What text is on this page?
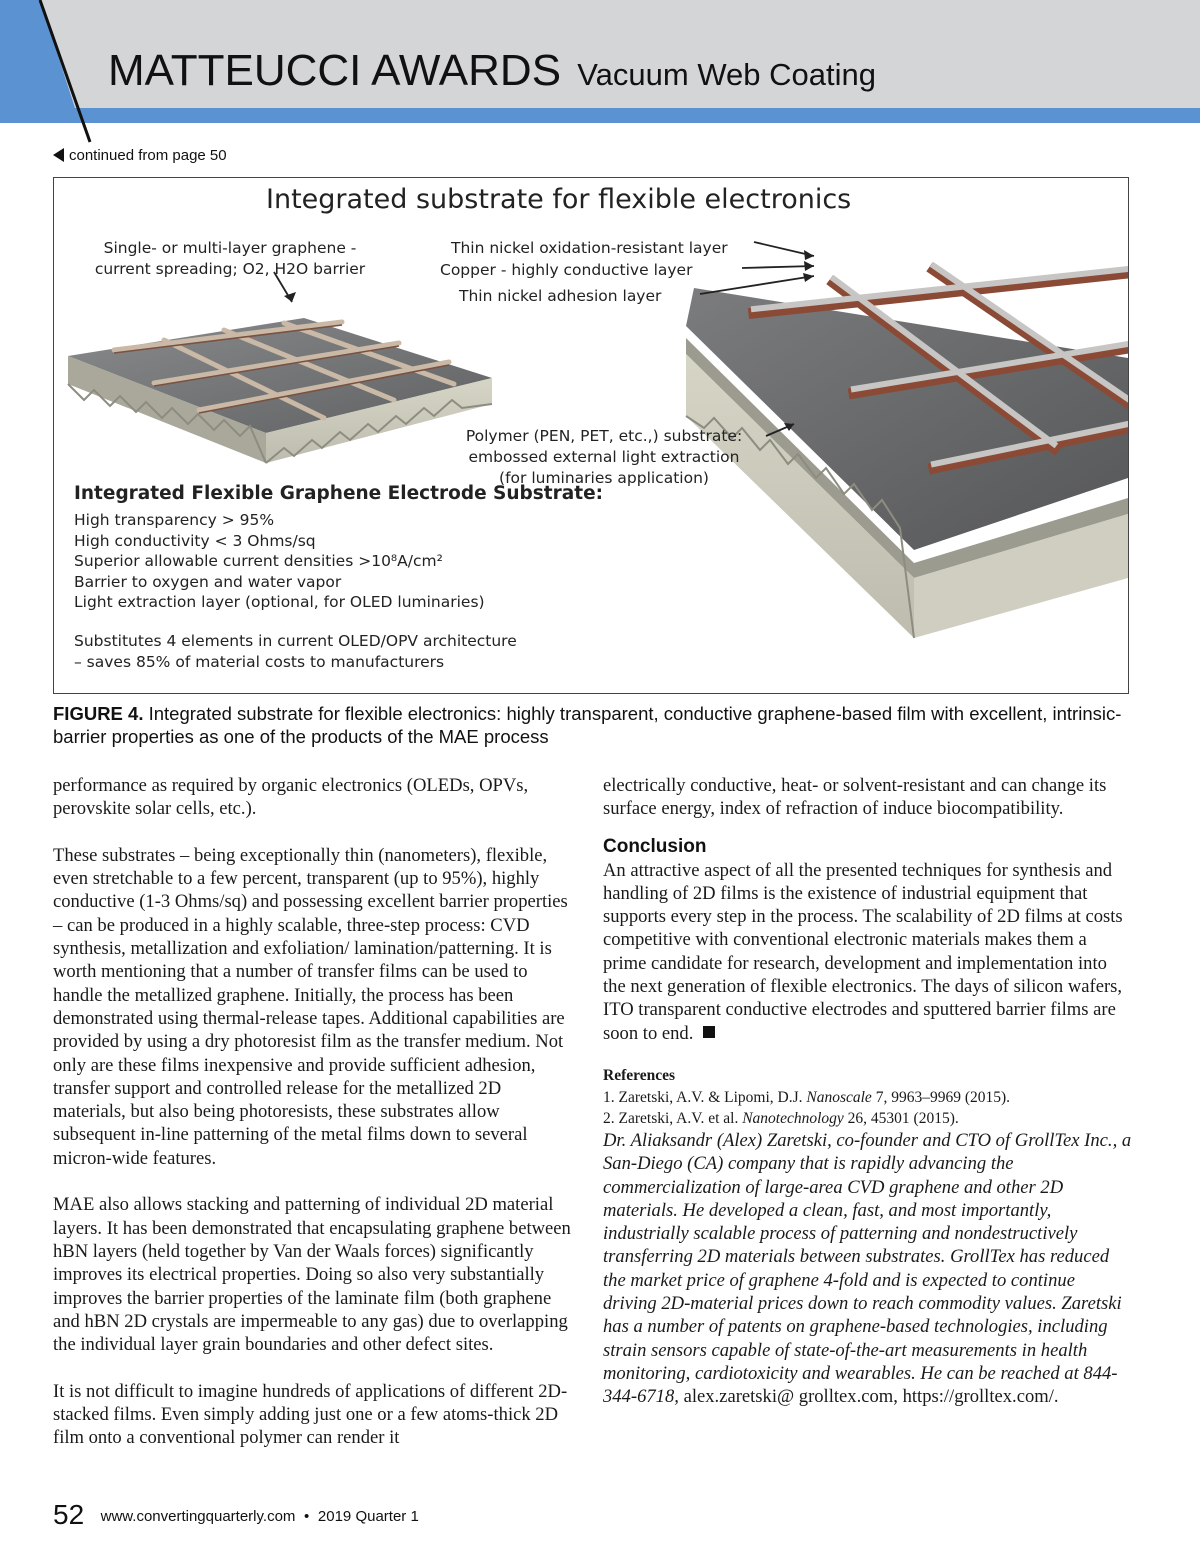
MATTEUCCI AWARDS Vacuum Web Coating
continued from page 50
Integrated substrate for flexible electronics
Single- or multi-layer graphene -
current spreading; O2, H2O barrier
Thin nickel oxidation-resistant layer
Copper - highly conductive layer
Thin nickel adhesion layer
Polymer (PEN, PET, etc.,) substrate:
embossed external light extraction
(for luminaries application)
Integrated Flexible Graphene Electrode Substrate:
High transparency > 95%
High conductivity < 3 Ohms/sq
Superior allowable current densities >10⁸A/cm²
Barrier to oxygen and water vapor
Light extraction layer (optional, for OLED luminaries)
Substitutes 4 elements in current OLED/OPV architecture
– saves 85% of material costs to manufacturers
FIGURE 4. Integrated substrate for flexible electronics: highly transparent, conductive graphene-based film with excellent, intrinsic-barrier properties as one of the products of the MAE process

performance as required by organic electronics (OLEDs, OPVs, perovskite solar cells, etc.).

These substrates – being exceptionally thin (nanometers), flexible, even stretchable to a few percent, transparent (up to 95%), highly conductive (1-3 Ohms/sq) and possessing excellent barrier properties – can be produced in a highly scalable, three-step process: CVD synthesis, metallization and exfoliation/ lamination/patterning. It is worth mentioning that a number of transfer films can be used to handle the metallized graphene. Initially, the process has been demonstrated using thermal-release tapes. Additional capabilities are provided by using a dry photoresist film as the transfer medium. Not only are these films inexpensive and provide sufficient adhesion, transfer support and controlled release for the metallized 2D materials, but also being photoresists, these substrates allow subsequent in-line patterning of the metal films down to several micron-wide features.

MAE also allows stacking and patterning of individual 2D material layers. It has been demonstrated that encapsulating graphene between hBN layers (held together by Van der Waals forces) significantly improves its electrical properties. Doing so also very substantially improves the barrier properties of the laminate film (both graphene and hBN 2D crystals are impermeable to any gas) due to overlapping the individual layer grain boundaries and other defect sites.

It is not difficult to imagine hundreds of applications of different 2D-stacked films. Even simply adding just one or a few atoms-thick 2D film onto a conventional polymer can render it

electrically conductive, heat- or solvent-resistant and can change its surface energy, index of refraction of induce biocompatibility.

Conclusion

An attractive aspect of all the presented techniques for synthesis and handling of 2D films is the existence of industrial equipment that supports every step in the process. The scalability of 2D films at costs competitive with conventional electronic materials makes them a prime candidate for research, development and implementation into the next generation of flexible electronics. The days of silicon wafers, ITO transparent conductive electrodes and sputtered barrier films are soon to end.

References

1. Zaretski, A.V. & Lipomi, D.J. Nanoscale 7, 9963–9969 (2015).

2. Zaretski, A.V. et al. Nanotechnology 26, 45301 (2015).

Dr. Aliaksandr (Alex) Zaretski, co-founder and CTO of GrollTex Inc., a San-Diego (CA) company that is rapidly advancing the commercialization of large-area CVD graphene and other 2D materials. He developed a clean, fast, and most importantly, industrially scalable process of patterning and nondestructively transferring 2D materials between substrates. GrollTex has reduced the market price of graphene 4-fold and is expected to continue driving 2D-material prices down to reach commodity values. Zaretski has a number of patents on graphene-based technologies, including strain sensors capable of state-of-the-art measurements in health monitoring, cardiotoxicity and wearables. He can be reached at 844-344-6718, alex.zaretski@ grolltex.com, https://grolltex.com/.

52 www.convertingquarterly.com  •  2019 Quarter 1
